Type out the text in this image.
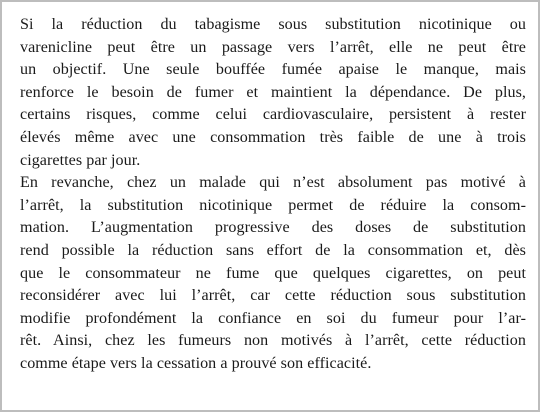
Si la réduction du tabagisme sous substitution nicotinique ou
varenicline peut être un passage vers l’arrêt, elle ne peut être
un objectif. Une seule bouffée fumée apaise le manque, mais
renforce le besoin de fumer et maintient la dépendance. De plus,
certains risques, comme celui cardiovasculaire, persistent à rester
élevés même avec une consommation très faible de une à trois
cigarettes par jour.
En revanche, chez un malade qui n’est absolument pas motivé à
l’arrêt, la substitution nicotinique permet de réduire la consom-
mation. L’augmentation progressive des doses de substitution
rend possible la réduction sans effort de la consommation et, dès
que le consommateur ne fume que quelques cigarettes, on peut
reconsidérer avec lui l’arrêt, car cette réduction sous substitution
modifie profondément la confiance en soi du fumeur pour l’ar-
rêt. Ainsi, chez les fumeurs non motivés à l’arrêt, cette réduction
comme étape vers la cessation a prouvé son efficacité.
